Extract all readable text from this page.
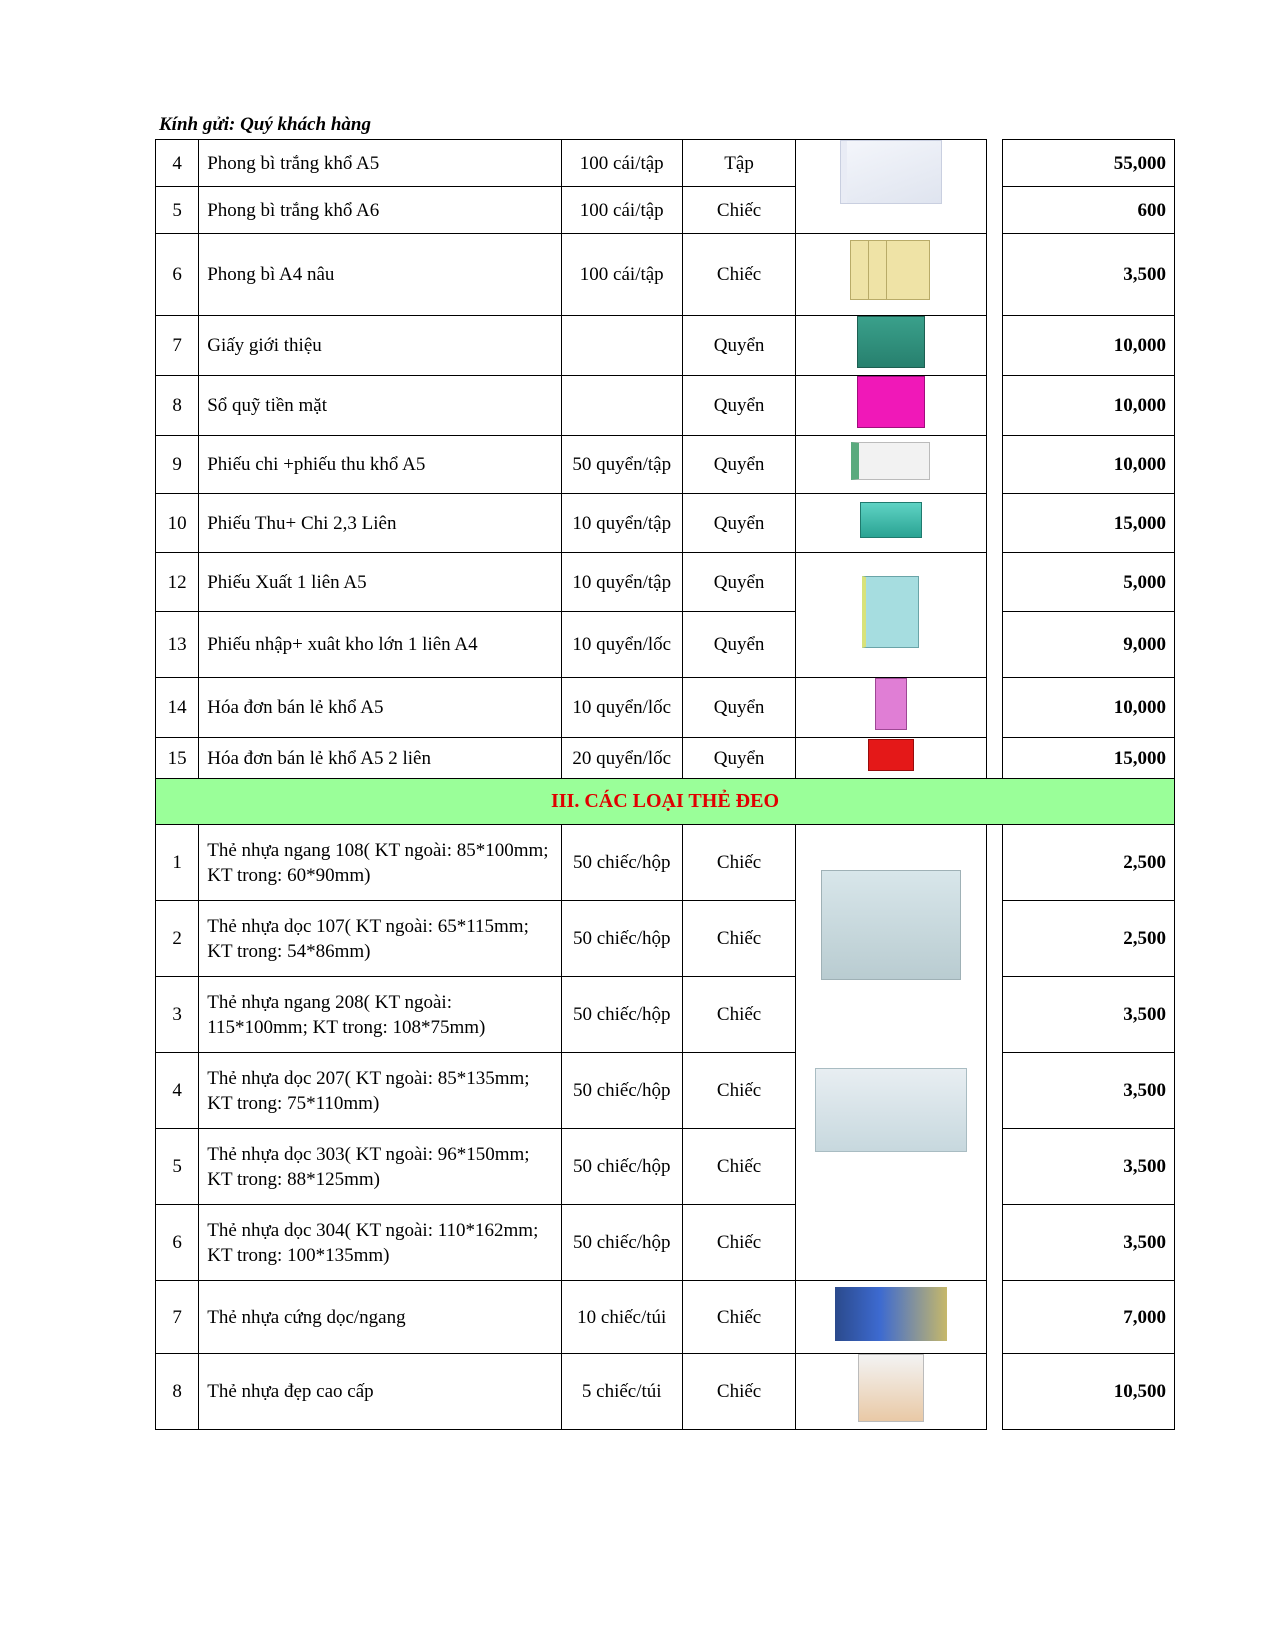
Kính gửi: Quý khách hàng
4	Phong bì trắng khổ A5	100 cái/tập	Tập			55,000
5	Phong bì trắng khổ A6	100 cái/tập	Chiếc			600
6	Phong bì A4 nâu	100 cái/tập	Chiếc			3,500
7	Giấy giới thiệu		Quyển			10,000
8	Sổ quỹ tiền mặt		Quyển			10,000
9	Phiếu chi +phiếu thu khổ A5	50 quyển/tập	Quyển			10,000
10	Phiếu Thu+ Chi 2,3 Liên	10 quyển/tập	Quyển			15,000
12	Phiếu Xuất 1 liên A5	10 quyển/tập	Quyển			5,000
13	Phiếu nhập+ xuât kho lớn 1 liên A4	10 quyển/lốc	Quyển			9,000
14	Hóa đơn bán lẻ khổ A5	10 quyển/lốc	Quyển			10,000
15	Hóa đơn bán lẻ khổ A5 2 liên	20 quyển/lốc	Quyển			15,000
III. CÁC LOẠI THẺ ĐEO						
1	Thẻ nhựa ngang 108( KT ngoài: 85*100mm; KT trong: 60*90mm)	50 chiếc/hộp	Chiếc			2,500
2	Thẻ nhựa dọc 107( KT ngoài: 65*115mm; KT trong: 54*86mm)	50 chiếc/hộp	Chiếc			2,500
3	Thẻ nhựa ngang 208( KT ngoài: 115*100mm; KT trong: 108*75mm)	50 chiếc/hộp	Chiếc			3,500
4	Thẻ nhựa dọc 207( KT ngoài: 85*135mm; KT trong: 75*110mm)	50 chiếc/hộp	Chiếc			3,500
5	Thẻ nhựa dọc 303( KT ngoài: 96*150mm; KT trong: 88*125mm)	50 chiếc/hộp	Chiếc			3,500
6	Thẻ nhựa dọc 304( KT ngoài: 110*162mm; KT trong: 100*135mm)	50 chiếc/hộp	Chiếc			3,500
7	Thẻ nhựa cứng dọc/ngang	10 chiếc/túi	Chiếc			7,000
8	Thẻ nhựa đẹp cao cấp	5 chiếc/túi	Chiếc			10,500
